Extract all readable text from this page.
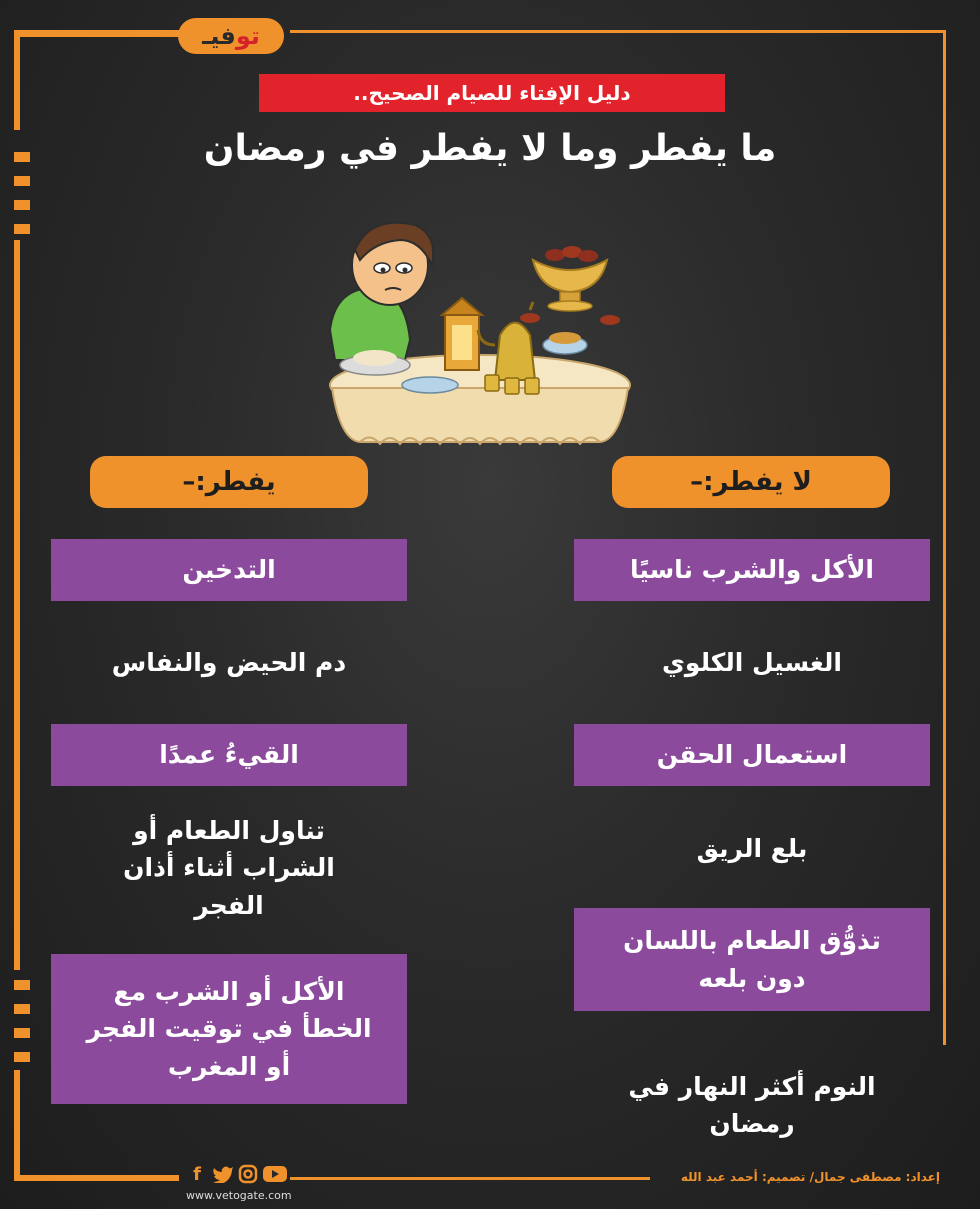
فيـ تو
دليل الإفتاء للصيام الصحيح..
ما يفطر وما لا يفطر في رمضان
يفطر:–	لا يفطر:–
التدخين
دم الحيض والنفاس
القيءُ عمدًا
تناول الطعام أو الشراب أثناء أذان الفجر
الأكل أو الشرب مع الخطأ في توقيت الفجر أو المغرب
الأكل والشرب ناسيًا
الغسيل الكلوي
استعمال الحقن
بلع الريق
تذوُّق الطعام باللسان دون بلعه
النوم أكثر النهار في رمضان
f
www.vetogate.com
إعداد: مصطفى جمال/ تصميم: أحمد عبد الله
